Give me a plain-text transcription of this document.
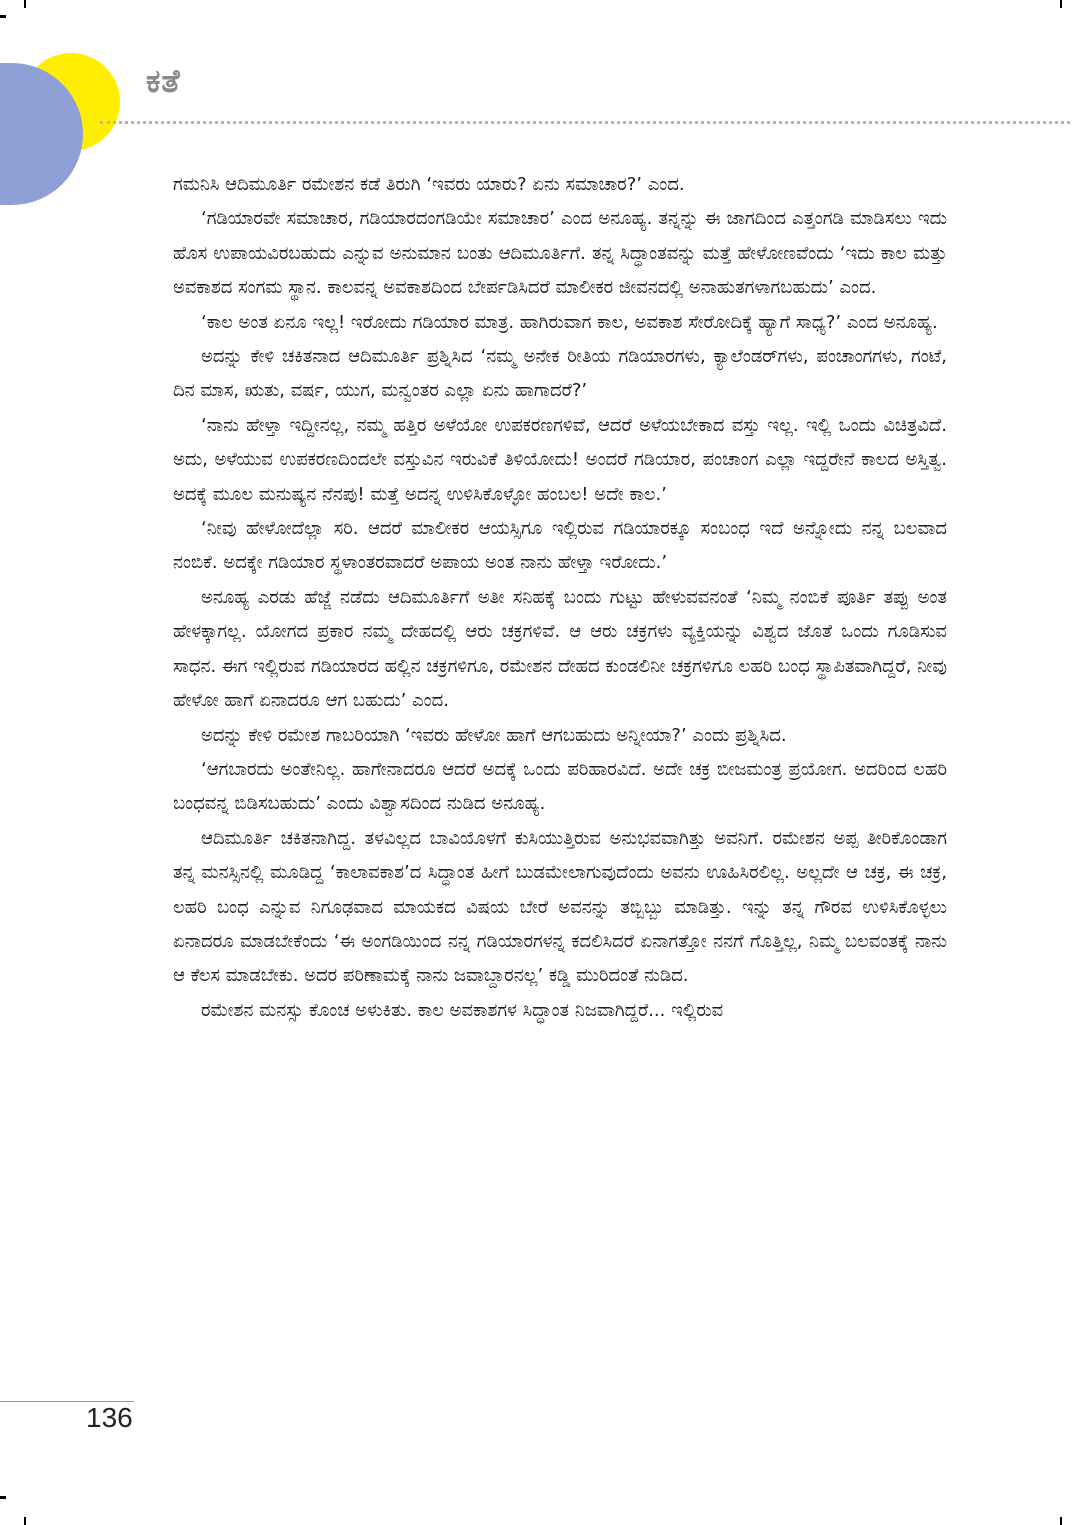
ಕತೆ

ಗಮನಿಸಿ ಆದಿಮೂರ್ತಿ ರಮೇಶನ ಕಡೆ ತಿರುಗಿ ‘ಇವರು ಯಾರು? ಏನು ಸಮಾಚಾರ?’ ಎಂದ.

‘ಗಡಿಯಾರವೇ ಸಮಾಚಾರ, ಗಡಿಯಾರದಂಗಡಿಯೇ ಸಮಾಚಾರ’ ಎಂದ ಅನೂಹ್ಯ. ತನ್ನನ್ನು ಈ ಜಾಗದಿಂದ ಎತ್ತಂಗಡಿ ಮಾಡಿಸಲು ಇದು ಹೊಸ ಉಪಾಯವಿರಬಹುದು ಎನ್ನುವ ಅನುಮಾನ ಬಂತು ಆದಿಮೂರ್ತಿಗೆ. ತನ್ನ ಸಿದ್ಧಾಂತವನ್ನು ಮತ್ತೆ ಹೇಳೋಣವೆಂದು ‘ಇದು ಕಾಲ ಮತ್ತು ಅವಕಾಶದ ಸಂಗಮ ಸ್ಥಾನ. ಕಾಲವನ್ನ ಅವಕಾಶದಿಂದ ಬೇರ್ಪಡಿಸಿದರೆ ಮಾಲೀಕರ ಜೀವನದಲ್ಲಿ ಅನಾಹುತಗಳಾಗಬಹುದು’ ಎಂದ.

‘ಕಾಲ ಅಂತ ಏನೂ ಇಲ್ಲ! ಇರೋದು ಗಡಿಯಾರ ಮಾತ್ರ. ಹಾಗಿರುವಾಗ ಕಾಲ, ಅವಕಾಶ ಸೇರೋದಿಕ್ಕೆ ಹ್ಯಾಗೆ ಸಾಧ್ಯ?’ ಎಂದ ಅನೂಹ್ಯ.

ಅದನ್ನು ಕೇಳಿ ಚಕಿತನಾದ ಆದಿಮೂರ್ತಿ ಪ್ರಶ್ನಿಸಿದ ‘ನಮ್ಮ ಅನೇಕ ರೀತಿಯ ಗಡಿಯಾರಗಳು, ಕ್ಯಾಲೆಂಡರ್‌ಗಳು, ಪಂಚಾಂಗಗಳು, ಗಂಟೆ, ದಿನ ಮಾಸ, ಋತು, ವರ್ಷ, ಯುಗ, ಮನ್ವಂತರ ಎಲ್ಲಾ ಏನು ಹಾಗಾದರೆ?’

‘ನಾನು ಹೇಳ್ತಾ ಇದ್ದೀನಲ್ಲ, ನಮ್ಮ ಹತ್ತಿರ ಅಳೆಯೋ ಉಪಕರಣಗಳಿವೆ, ಆದರೆ ಅಳೆಯಬೇಕಾದ ವಸ್ತು ಇಲ್ಲ. ಇಲ್ಲಿ ಒಂದು ವಿಚಿತ್ರವಿದೆ. ಅದು, ಅಳೆಯುವ ಉಪಕರಣದಿಂದಲೇ ವಸ್ತುವಿನ ಇರುವಿಕೆ ತಿಳಿಯೋದು! ಅಂದರೆ ಗಡಿಯಾರ, ಪಂಚಾಂಗ ಎಲ್ಲಾ ಇದ್ದರೇನೆ ಕಾಲದ ಅಸ್ತಿತ್ವ. ಅದಕ್ಕೆ ಮೂಲ ಮನುಷ್ಯನ ನೆನಪು! ಮತ್ತೆ ಅದನ್ನ ಉಳಿಸಿಕೊಳ್ಳೋ ಹಂಬಲ! ಅದೇ ಕಾಲ.’

‘ನೀವು ಹೇಳೋದೆಲ್ಲಾ ಸರಿ. ಆದರೆ ಮಾಲೀಕರ ಆಯಸ್ಸಿಗೂ ಇಲ್ಲಿರುವ ಗಡಿಯಾರಕ್ಕೂ ಸಂಬಂಧ ಇದೆ ಅನ್ನೋದು ನನ್ನ ಬಲವಾದ ನಂಬಿಕೆ. ಅದಕ್ಕೇ ಗಡಿಯಾರ ಸ್ಥಳಾಂತರವಾದರೆ ಅಪಾಯ ಅಂತ ನಾನು ಹೇಳ್ತಾ ಇರೋದು.’

ಅನೂಹ್ಯ ಎರಡು ಹೆಜ್ಜೆ ನಡೆದು ಆದಿಮೂರ್ತಿಗೆ ಅತೀ ಸನಿಹಕ್ಕೆ ಬಂದು ಗುಟ್ಟು ಹೇಳುವವನಂತೆ ‘ನಿಮ್ಮ ನಂಬಿಕೆ ಪೂರ್ತಿ ತಪ್ಪು ಅಂತ ಹೇಳಕ್ಕಾಗಲ್ಲ. ಯೋಗದ ಪ್ರಕಾರ ನಮ್ಮ ದೇಹದಲ್ಲಿ ಆರು ಚಕ್ರಗಳಿವೆ. ಆ ಆರು ಚಕ್ರಗಳು ವ್ಯಕ್ತಿಯನ್ನು ವಿಶ್ವದ ಜೊತೆ ಒಂದು ಗೂಡಿಸುವ ಸಾಧನ. ಈಗ ಇಲ್ಲಿರುವ ಗಡಿಯಾರದ ಹಲ್ಲಿನ ಚಕ್ರಗಳಿಗೂ, ರಮೇಶನ ದೇಹದ ಕುಂಡಲಿನೀ ಚಕ್ರಗಳಿಗೂ ಲಹರಿ ಬಂಧ ಸ್ಥಾಪಿತವಾಗಿದ್ದರೆ, ನೀವು ಹೇಳೋ ಹಾಗೆ ಏನಾದರೂ ಆಗ ಬಹುದು’ ಎಂದ.

ಅದನ್ನು ಕೇಳಿ ರಮೇಶ ಗಾಬರಿಯಾಗಿ ‘ಇವರು ಹೇಳೋ ಹಾಗೆ ಆಗಬಹುದು ಅನ್ನೀಯಾ?’ ಎಂದು ಪ್ರಶ್ನಿಸಿದ.

‘ಆಗಬಾರದು ಅಂತೇನಿಲ್ಲ. ಹಾಗೇನಾದರೂ ಆದರೆ ಅದಕ್ಕೆ ಒಂದು ಪರಿಹಾರವಿದೆ. ಅದೇ ಚಕ್ರ ಬೀಜಮಂತ್ರ ಪ್ರಯೋಗ. ಅದರಿಂದ ಲಹರಿ ಬಂಧವನ್ನ ಬಿಡಿಸಬಹುದು’ ಎಂದು ವಿಶ್ವಾಸದಿಂದ ನುಡಿದ ಅನೂಹ್ಯ.

ಆದಿಮೂರ್ತಿ ಚಕಿತನಾಗಿದ್ದ. ತಳವಿಲ್ಲದ ಬಾವಿಯೊಳಗೆ ಕುಸಿಯುತ್ತಿರುವ ಅನುಭವವಾಗಿತ್ತು ಅವನಿಗೆ. ರಮೇಶನ ಅಪ್ಪ ತೀರಿಕೊಂಡಾಗ ತನ್ನ ಮನಸ್ಸಿನಲ್ಲಿ ಮೂಡಿದ್ದ ‘ಕಾಲಾವಕಾಶ’ದ ಸಿದ್ಧಾಂತ ಹೀಗೆ ಬುಡಮೇಲಾಗುವುದೆಂದು ಅವನು ಊಹಿಸಿರಲಿಲ್ಲ. ಅಲ್ಲದೇ ಆ ಚಕ್ರ, ಈ ಚಕ್ರ, ಲಹರಿ ಬಂಧ ಎನ್ನುವ ನಿಗೂಢವಾದ ಮಾಯಕದ ವಿಷಯ ಬೇರೆ ಅವನನ್ನು ತಬ್ಬಿಬ್ಬು ಮಾಡಿತ್ತು. ಇನ್ನು ತನ್ನ ಗೌರವ ಉಳಿಸಿಕೊಳ್ಳಲು ಏನಾದರೂ ಮಾಡಬೇಕೆಂದು ‘ಈ ಅಂಗಡಿಯಿಂದ ನನ್ನ ಗಡಿಯಾರಗಳನ್ನ ಕದಲಿಸಿದರೆ ಏನಾಗತ್ತೋ ನನಗೆ ಗೊತ್ತಿಲ್ಲ, ನಿಮ್ಮ ಬಲವಂತಕ್ಕೆ ನಾನು ಆ ಕೆಲಸ ಮಾಡಬೇಕು. ಅದರ ಪರಿಣಾಮಕ್ಕೆ ನಾನು ಜವಾಬ್ದಾರನಲ್ಲ’ ಕಡ್ಡಿ ಮುರಿದಂತೆ ನುಡಿದ.

ರಮೇಶನ ಮನಸ್ಸು ಕೊಂಚ ಅಳುಕಿತು. ಕಾಲ ಅವಕಾಶಗಳ ಸಿದ್ಧಾಂತ ನಿಜವಾಗಿದ್ದರೆ... ಇಲ್ಲಿರುವ

136
